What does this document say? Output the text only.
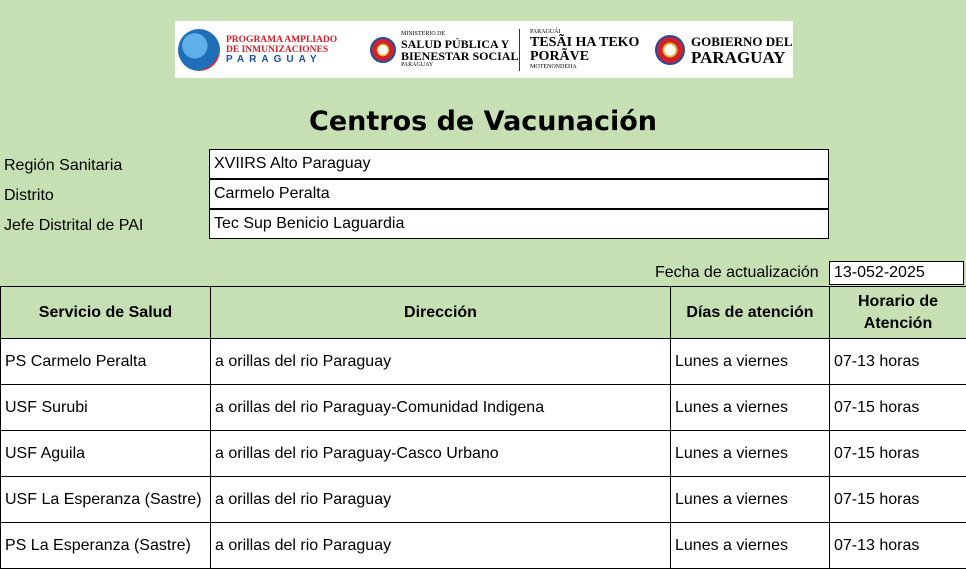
PROGRAMA AMPLIADO
DE INMUNIZACIONES
PARAGUAY
MINISTERIO DE
SALUD PÚBLICA Y
BIENESTAR SOCIAL
PARAGUAY
PARAGUÁI
TESÃI HA TEKO
PORÃVE
MOTENONDEHA
GOBIERNO DEL
PARAGUAY
Centros de Vacunación
Región Sanitaria	XVIIRS Alto Paraguay
Distrito	Carmelo Peralta
Jefe Distrital de PAI	Tec Sup Benicio Laguardia
Fecha de actualización 13-052-2025
Servicio de Salud	Dirección	Días de atención	Horario de Atención
PS Carmelo Peralta	a orillas del rio Paraguay	Lunes a viernes	07-13 horas
USF Surubi	a orillas del rio Paraguay-Comunidad Indigena	Lunes a viernes	07-15 horas
USF Aguila	a orillas del rio Paraguay-Casco Urbano	Lunes a viernes	07-15 horas
USF La Esperanza (Sastre)	a orillas del rio Paraguay	Lunes a viernes	07-15 horas
PS La Esperanza (Sastre)	a orillas del rio Paraguay	Lunes a viernes	07-13 horas
